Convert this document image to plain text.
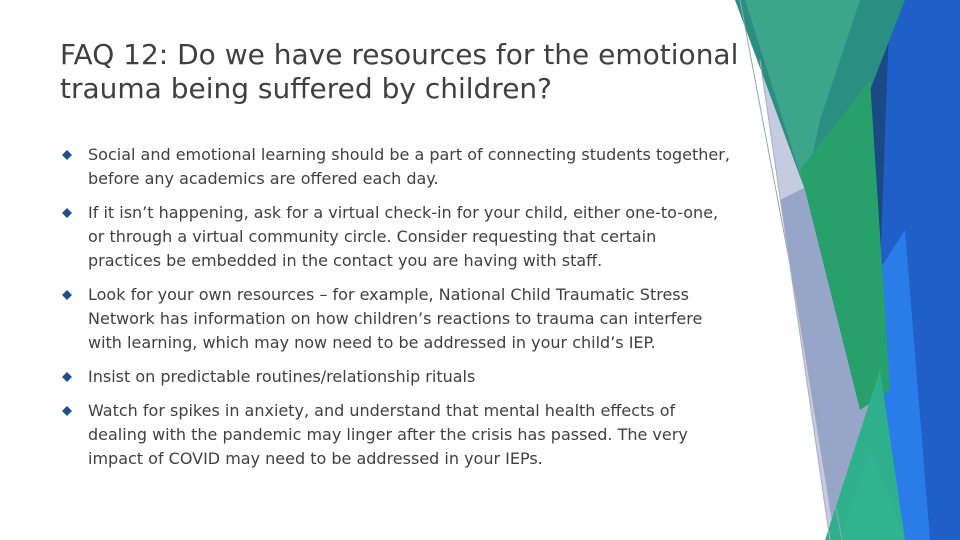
FAQ 12: Do we have resources for the emotional trauma being suffered by children?
Social and emotional learning should be a part of connecting students together, before any academics are offered each day.
If it isn’t happening, ask for a virtual check-in for your child, either one-to-one, or through a virtual community circle. Consider requesting that certain practices be embedded in the contact you are having with staff.
Look for your own resources – for example, National Child Traumatic Stress Network has information on how children’s reactions to trauma can interfere with learning, which may now need to be addressed in your child’s IEP.
Insist on predictable routines/relationship rituals
Watch for spikes in anxiety, and understand that mental health effects of dealing with the pandemic may linger after the crisis has passed. The very impact of COVID may need to be addressed in your IEPs.
